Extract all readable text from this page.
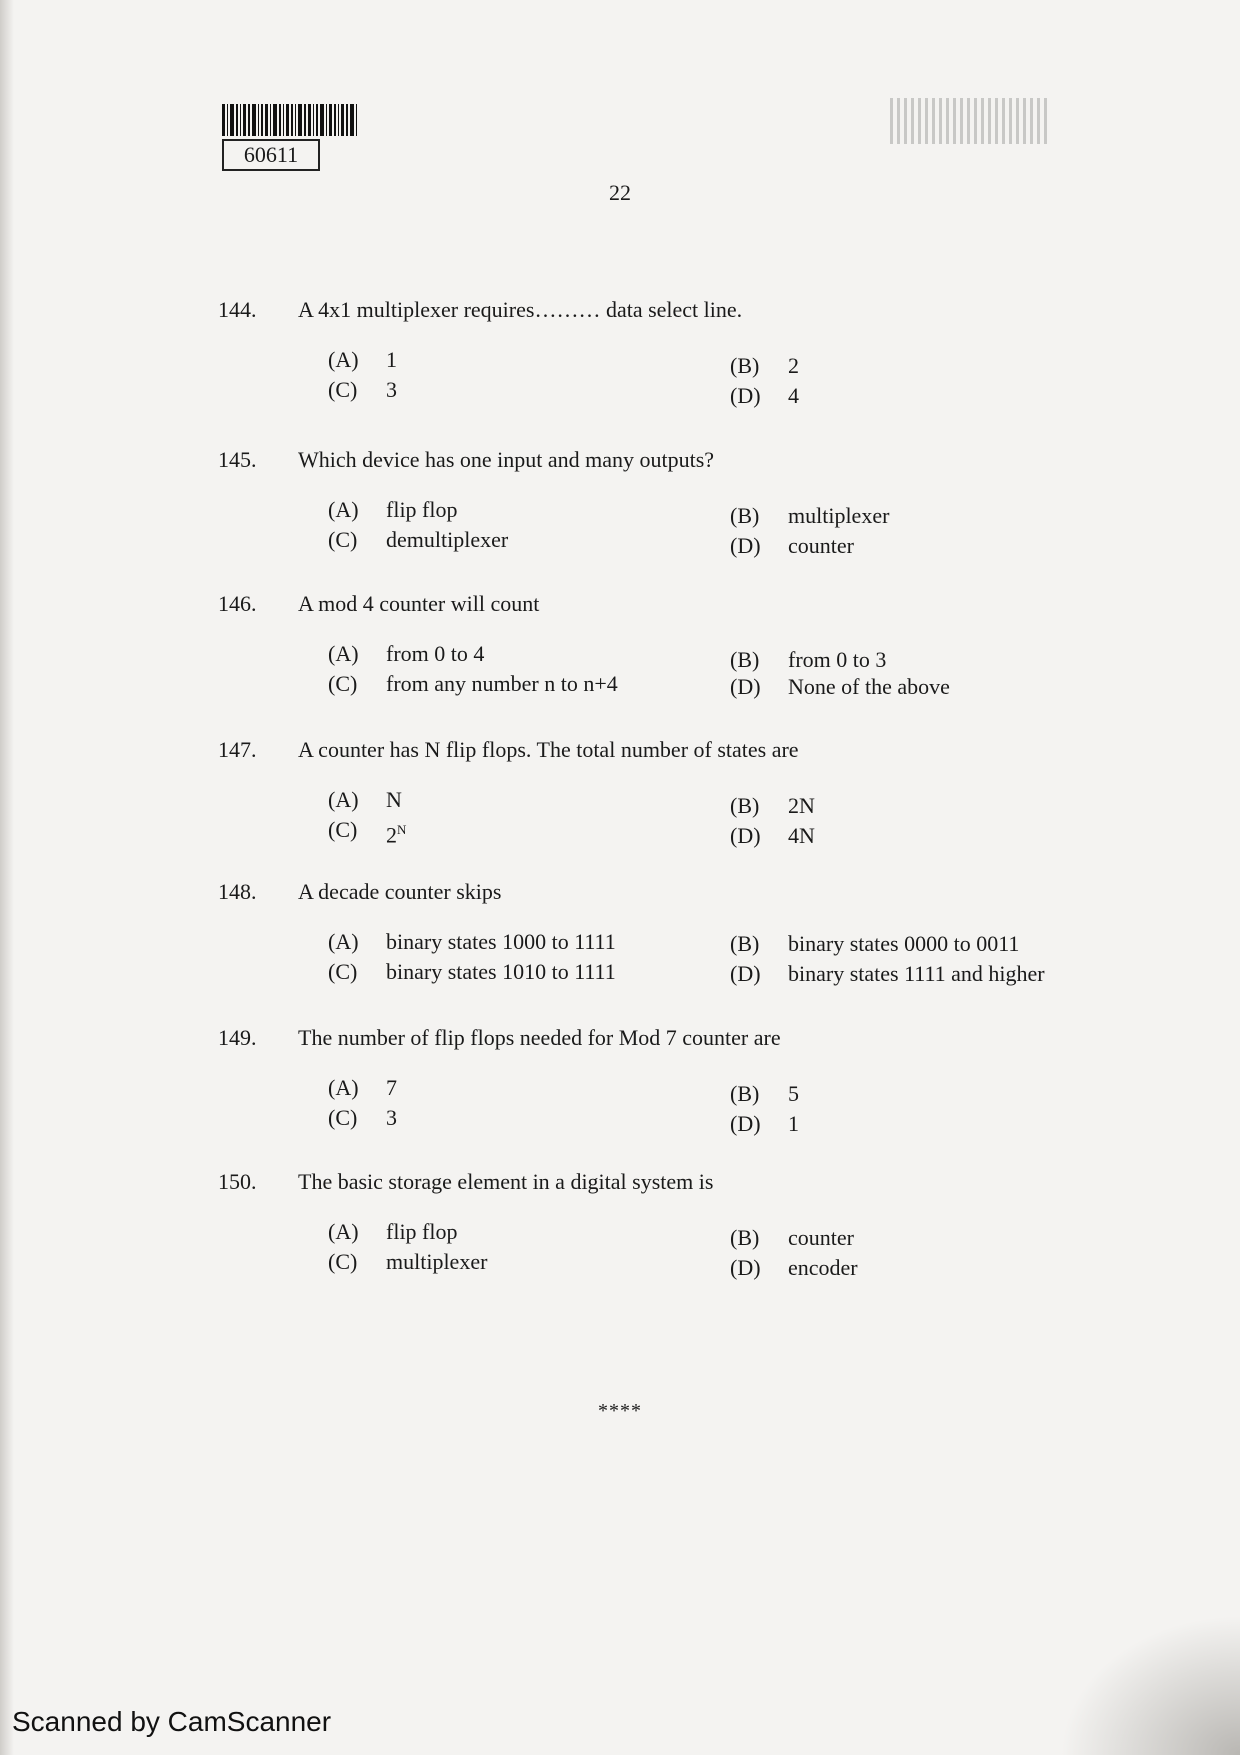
60611
22
144.	A 4x1 multiplexer requires……… data select line.
(A)	1	(B)	2
(C)	3	(D)	4
145.	Which device has one input and many outputs?
(A)	flip flop	(B)	multiplexer
(C)	demultiplexer	(D)	counter
146.	A mod 4 counter will count
(A)	from 0 to 4	(B)	from 0 to 3
(C)	from any number n to n+4	(D)	None of the above
147.	A counter has N flip flops. The total number of states are
(A)	N	(B)	2N
(C)	$2^N$	(D)	4N
148.	A decade counter skips
(A)	binary states 1000 to 1111	(B)	binary states 0000 to 0011
(C)	binary states 1010 to 1111	(D)	binary states 1111 and higher
149.	The number of flip flops needed for Mod 7 counter are
(A)	7	(B)	5
(C)	3	(D)	1
150.	The basic storage element in a digital system is
(A)	flip flop	(B)	counter
(C)	multiplexer	(D)	encoder
****
Scanned by CamScanner
